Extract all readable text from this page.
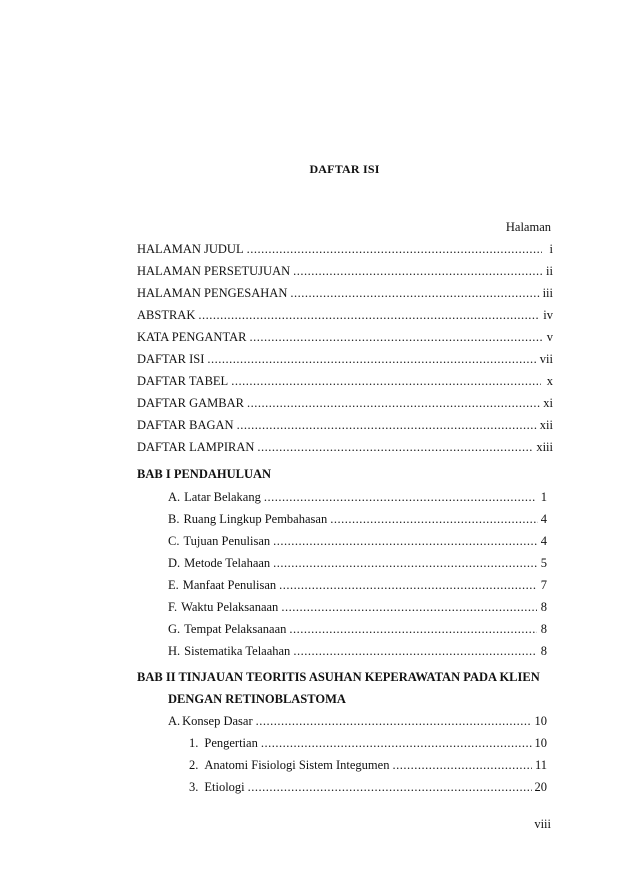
DAFTAR ISI
Halaman
HALAMAN JUDUL .....	i
HALAMAN PERSETUJUAN .....	ii
HALAMAN PENGESAHAN .....	iii
ABSTRAK .....	iv
KATA PENGANTAR .....	v
DAFTAR ISI .....	vii
DAFTAR TABEL .....	x
DAFTAR GAMBAR .....	xi
DAFTAR BAGAN .....	xii
DAFTAR LAMPIRAN .....	xiii
BAB I PENDAHULUAN
A. Latar Belakang .....	1
B. Ruang Lingkup Pembahasan .....	4
C. Tujuan Penulisan .....	4
D. Metode Telahaan .....	5
E. Manfaat Penulisan .....	7
F. Waktu Pelaksanaan .....	8
G. Tempat Pelaksanaan .....	8
H. Sistematika Telaahan .....	8
BAB II TINJAUAN TEORITIS ASUHAN KEPERAWATAN PADA KLIEN
DENGAN RETINOBLASTOMA
A. Konsep Dasar .....	10
1. Pengertian .....	10
2. Anatomi Fisiologi Sistem Integumen .....	11
3. Etiologi .....	20
viii
